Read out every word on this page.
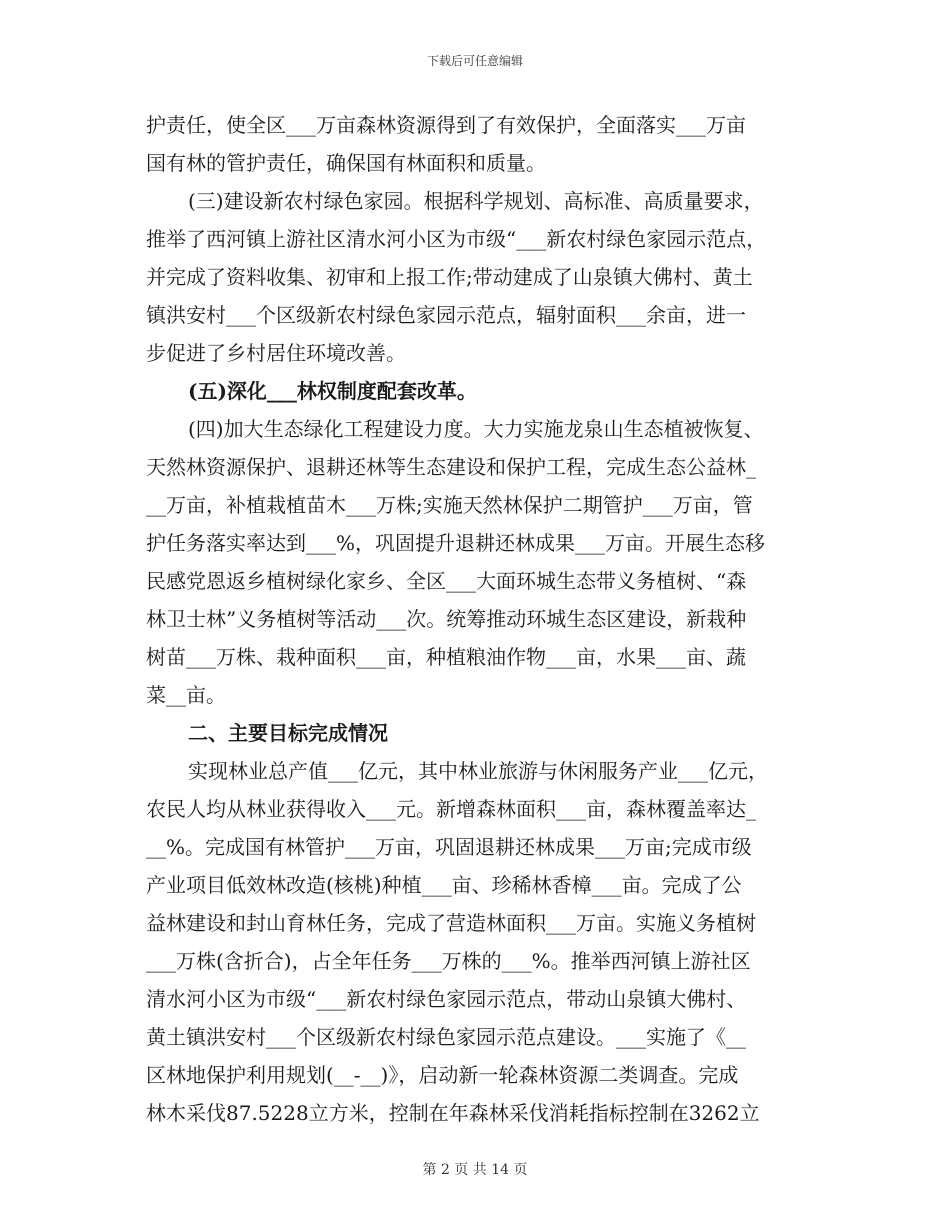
下载后可任意编辑
护责任，使全区___万亩森林资源得到了有效保护，全面落实___万亩
国有林的管护责任，确保国有林面积和质量。
(三)建设新农村绿色家园。根据科学规划、高标准、高质量要求，
推举了西河镇上游社区清水河小区为市级“___新农村绿色家园示范点，
并完成了资料收集、初审和上报工作;带动建成了山泉镇大佛村、黄土
镇洪安村___个区级新农村绿色家园示范点，辐射面积___余亩，进一
步促进了乡村居住环境改善。
(五)深化___林权制度配套改革。
(四)加大生态绿化工程建设力度。大力实施龙泉山生态植被恢复、
天然林资源保护、退耕还林等生态建设和保护工程，完成生态公益林_
__万亩，补植栽植苗木___万株;实施天然林保护二期管护___万亩，管
护任务落实率达到___%，巩固提升退耕还林成果___万亩。开展生态移
民感党恩返乡植树绿化家乡、全区___大面环城生态带义务植树、“森
林卫士林”义务植树等活动___次。统筹推动环城生态区建设，新栽种
树苗___万株、栽种面积___亩，种植粮油作物___亩，水果___亩、蔬
菜__亩。
二、主要目标完成情况
实现林业总产值___亿元，其中林业旅游与休闲服务产业___亿元，
农民人均从林业获得收入___元。新增森林面积___亩，森林覆盖率达_
__%。完成国有林管护___万亩，巩固退耕还林成果___万亩;完成市级
产业项目低效林改造(核桃)种植___亩、珍稀林香樟___亩。完成了公
益林建设和封山育林任务，完成了营造林面积___万亩。实施义务植树
___万株(含折合)，占全年任务___万株的___%。推举西河镇上游社区
清水河小区为市级“___新农村绿色家园示范点，带动山泉镇大佛村、
黄土镇洪安村___个区级新农村绿色家园示范点建设。___实施了《__
区林地保护利用规划(__-__)》，启动新一轮森林资源二类调查。完成
林木采伐87.5228立方米，控制在年森林采伐消耗指标控制在3262立
第 2 页 共 14 页
